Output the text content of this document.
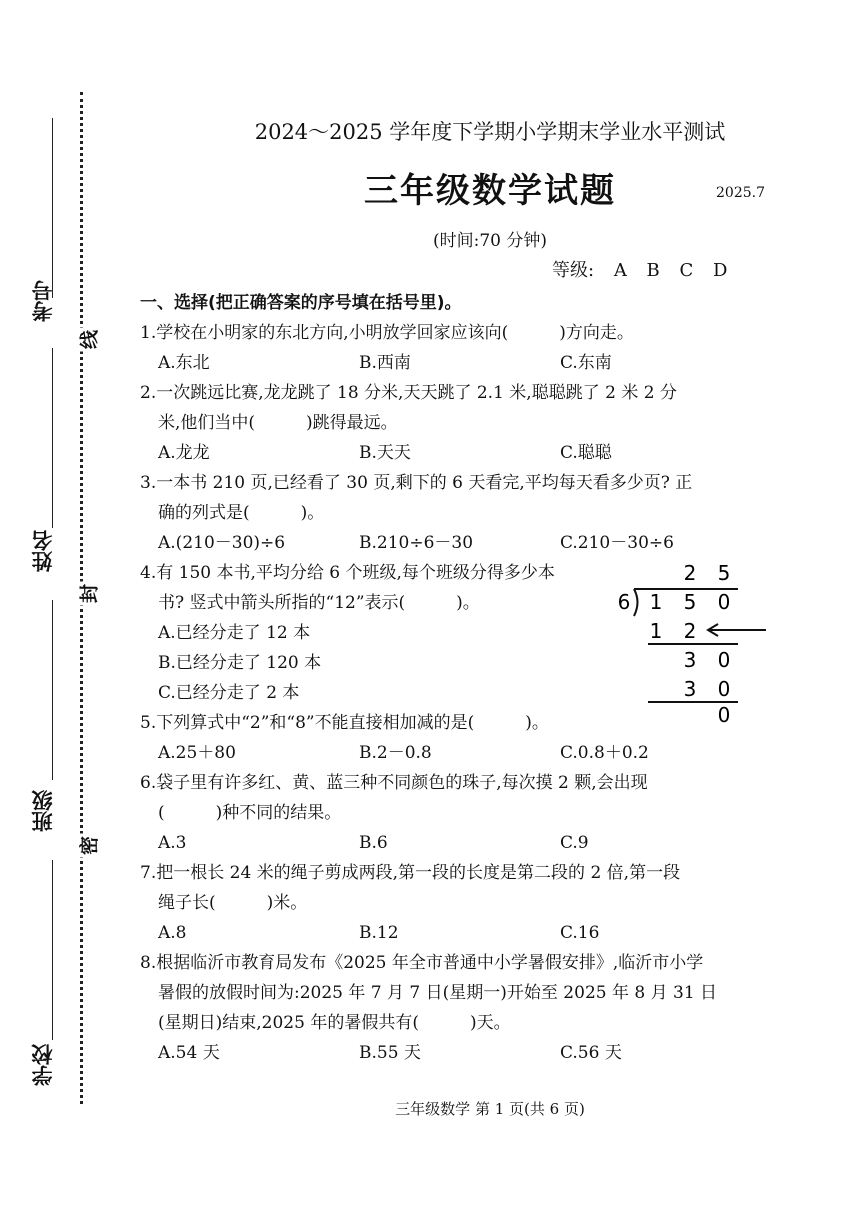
考号
姓名
班级
学校
线
封
密
2024～2025 学年度下学期小学期末学业水平测试
三年级数学试题	2025.7
(时间:70 分钟)
等级: A B C D
一、选择(把正确答案的序号填在括号里)。
1.学校在小明家的东北方向,小明放学回家应该向(　　　)方向走。
A.东北	B.西南	C.东南
2.一次跳远比赛,龙龙跳了 18 分米,天天跳了 2.1 米,聪聪跳了 2 米 2 分
米,他们当中(　　　)跳得最远。
A.龙龙	B.天天	C.聪聪
3.一本书 210 页,已经看了 30 页,剩下的 6 天看完,平均每天看多少页? 正
确的列式是(　　　)。
A.(210－30)÷6	B.210÷6－30	C.210－30÷6
4.有 150 本书,平均分给 6 个班级,每个班级分得多少本
书? 竖式中箭头所指的“12”表示(　　　)。
A.已经分走了 12 本
B.已经分走了 120 本
C.已经分走了 2 本
5.下列算式中“2”和“8”不能直接相加减的是(　　　)。
A.25＋80	B.2－0.8	C.0.8＋0.2
6.袋子里有许多红、黄、蓝三种不同颜色的珠子,每次摸 2 颗,会出现
(　　　)种不同的结果。
A.3	B.6	C.9
7.把一根长 24 米的绳子剪成两段,第一段的长度是第二段的 2 倍,第一段
绳子长(　　　)米。
A.8	B.12	C.16
8.根据临沂市教育局发布《2025 年全市普通中小学暑假安排》,临沂市小学
暑假的放假时间为:2025 年 7 月 7 日(星期一)开始至 2025 年 8 月 31 日
(星期日)结束,2025 年的暑假共有(　　　)天。
A.54 天	B.55 天	C.56 天
2 5
6 1 5 0
1 2
3 0
3 0
0
三年级数学 第 1 页(共 6 页)
